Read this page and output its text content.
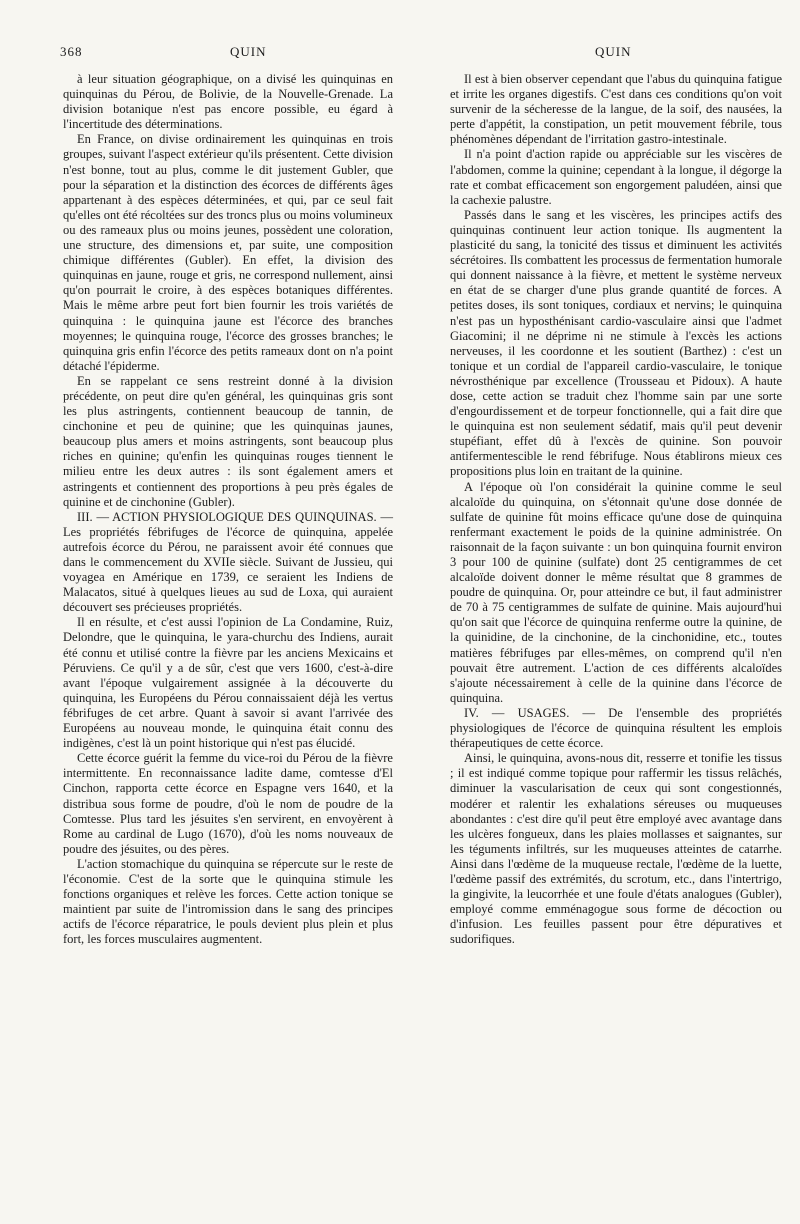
368	QUIN	QUIN

à leur situation géographique, on a divisé les quinquinas en quinquinas du Pérou, de Bolivie, de la Nouvelle-Grenade. La division botanique n'est pas encore possible, eu égard à l'incertitude des déterminations.

En France, on divise ordinairement les quinquinas en trois groupes, suivant l'aspect extérieur qu'ils présentent. Cette division n'est bonne, tout au plus, comme le dit justement Gubler, que pour la séparation et la distinction des écorces de différents âges appartenant à des espèces déterminées, et qui, par ce seul fait qu'elles ont été récoltées sur des troncs plus ou moins volumineux ou des rameaux plus ou moins jeunes, possèdent une coloration, une structure, des dimensions et, par suite, une composition chimique différentes (Gubler). En effet, la division des quinquinas en jaune, rouge et gris, ne correspond nullement, ainsi qu'on pourrait le croire, à des espèces botaniques différentes. Mais le même arbre peut fort bien fournir les trois variétés de quinquina : le quinquina jaune est l'écorce des branches moyennes; le quinquina rouge, l'écorce des grosses branches; le quinquina gris enfin l'écorce des petits rameaux dont on n'a point détaché l'épiderme.

En se rappelant ce sens restreint donné à la division précédente, on peut dire qu'en général, les quinquinas gris sont les plus astringents, contiennent beaucoup de tannin, de cinchonine et peu de quinine; que les quinquinas jaunes, beaucoup plus amers et moins astringents, sont beaucoup plus riches en quinine; qu'enfin les quinquinas rouges tiennent le milieu entre les deux autres : ils sont également amers et astringents et contiennent des proportions à peu près égales de quinine et de cinchonine (Gubler).

III. — ACTION PHYSIOLOGIQUE DES QUINQUINAS. — Les propriétés fébrifuges de l'écorce de quinquina, appelée autrefois écorce du Pérou, ne paraissent avoir été connues que dans le commencement du XVIIe siècle. Suivant de Jussieu, qui voyagea en Amérique en 1739, ce seraient les Indiens de Malacatos, situé à quelques lieues au sud de Loxa, qui auraient découvert ses précieuses propriétés.

Il en résulte, et c'est aussi l'opinion de La Condamine, Ruiz, Delondre, que le quinquina, le yara-churchu des Indiens, aurait été connu et utilisé contre la fièvre par les anciens Mexicains et Péruviens. Ce qu'il y a de sûr, c'est que vers 1600, c'est-à-dire avant l'époque vulgairement assignée à la découverte du quinquina, les Européens du Pérou connaissaient déjà les vertus fébrifuges de cet arbre. Quant à savoir si avant l'arrivée des Européens au nouveau monde, le quinquina était connu des indigènes, c'est là un point historique qui n'est pas élucidé.

Cette écorce guérit la femme du vice-roi du Pérou de la fièvre intermittente. En reconnaissance ladite dame, comtesse d'El Cinchon, rapporta cette écorce en Espagne vers 1640, et la distribua sous forme de poudre, d'où le nom de poudre de la Comtesse. Plus tard les jésuites s'en servirent, en envoyèrent à Rome au cardinal de Lugo (1670), d'où les noms nouveaux de poudre des jésuites, ou des pères.

L'action stomachique du quinquina se répercute sur le reste de l'économie. C'est de la sorte que le quinquina stimule les fonctions organiques et relève les forces. Cette action tonique se maintient par suite de l'intromission dans le sang des principes actifs de l'écorce réparatrice, le pouls devient plus plein et plus fort, les forces musculaires augmentent.

Il est à bien observer cependant que l'abus du quinquina fatigue et irrite les organes digestifs. C'est dans ces conditions qu'on voit survenir de la sécheresse de la langue, de la soif, des nausées, la perte d'appétit, la constipation, un petit mouvement fébrile, tous phénomènes dépendant de l'irritation gastro-intestinale.

Il n'a point d'action rapide ou appréciable sur les viscères de l'abdomen, comme la quinine; cependant à la longue, il dégorge la rate et combat efficacement son engorgement paludéen, ainsi que la cachexie palustre.

Passés dans le sang et les viscères, les principes actifs des quinquinas continuent leur action tonique. Ils augmentent la plasticité du sang, la tonicité des tissus et diminuent les activités sécrétoires. Ils combattent les processus de fermentation humorale qui donnent naissance à la fièvre, et mettent le système nerveux en état de se charger d'une plus grande quantité de forces. A petites doses, ils sont toniques, cordiaux et nervins; le quinquina n'est pas un hyposthénisant cardio-vasculaire ainsi que l'admet Giacomini; il ne déprime ni ne stimule à l'excès les actions nerveuses, il les coordonne et les soutient (Barthez) : c'est un tonique et un cordial de l'appareil cardio-vasculaire, le tonique névrosthénique par excellence (Trousseau et Pidoux). A haute dose, cette action se traduit chez l'homme sain par une sorte d'engourdissement et de torpeur fonctionnelle, qui a fait dire que le quinquina est non seulement sédatif, mais qu'il peut devenir stupéfiant, effet dû à l'excès de quinine. Son pouvoir antifermentescible le rend fébrifuge. Nous établirons mieux ces propositions plus loin en traitant de la quinine.

A l'époque où l'on considérait la quinine comme le seul alcaloïde du quinquina, on s'étonnait qu'une dose donnée de sulfate de quinine fût moins efficace qu'une dose de quinquina renfermant exactement le poids de la quinine administrée. On raisonnait de la façon suivante : un bon quinquina fournit environ 3 pour 100 de quinine (sulfate) dont 25 centigrammes de cet alcaloïde doivent donner le même résultat que 8 grammes de poudre de quinquina. Or, pour atteindre ce but, il faut administrer de 70 à 75 centigrammes de sulfate de quinine. Mais aujourd'hui qu'on sait que l'écorce de quinquina renferme outre la quinine, de la quinidine, de la cinchonine, de la cinchonidine, etc., toutes matières fébrifuges par elles-mêmes, on comprend qu'il n'en pouvait être autrement. L'action de ces différents alcaloïdes s'ajoute nécessairement à celle de la quinine dans l'écorce de quinquina.

IV. — USAGES. — De l'ensemble des propriétés physiologiques de l'écorce de quinquina résultent les emplois thérapeutiques de cette écorce.

Ainsi, le quinquina, avons-nous dit, resserre et tonifie les tissus ; il est indiqué comme topique pour raffermir les tissus relâchés, diminuer la vascularisation de ceux qui sont congestionnés, modérer et ralentir les exhalations séreuses ou muqueuses abondantes : c'est dire qu'il peut être employé avec avantage dans les ulcères fongueux, dans les plaies mollasses et saignantes, sur les téguments infiltrés, sur les muqueuses atteintes de catarrhe. Ainsi dans l'œdème de la muqueuse rectale, l'œdème de la luette, l'œdème passif des extrémités, du scrotum, etc., dans l'intertrigo, la gingivite, la leucorrhée et une foule d'états analogues (Gubler), employé comme emménagogue sous forme de décoction ou d'infusion. Les feuilles passent pour être dépuratives et sudorifiques.
